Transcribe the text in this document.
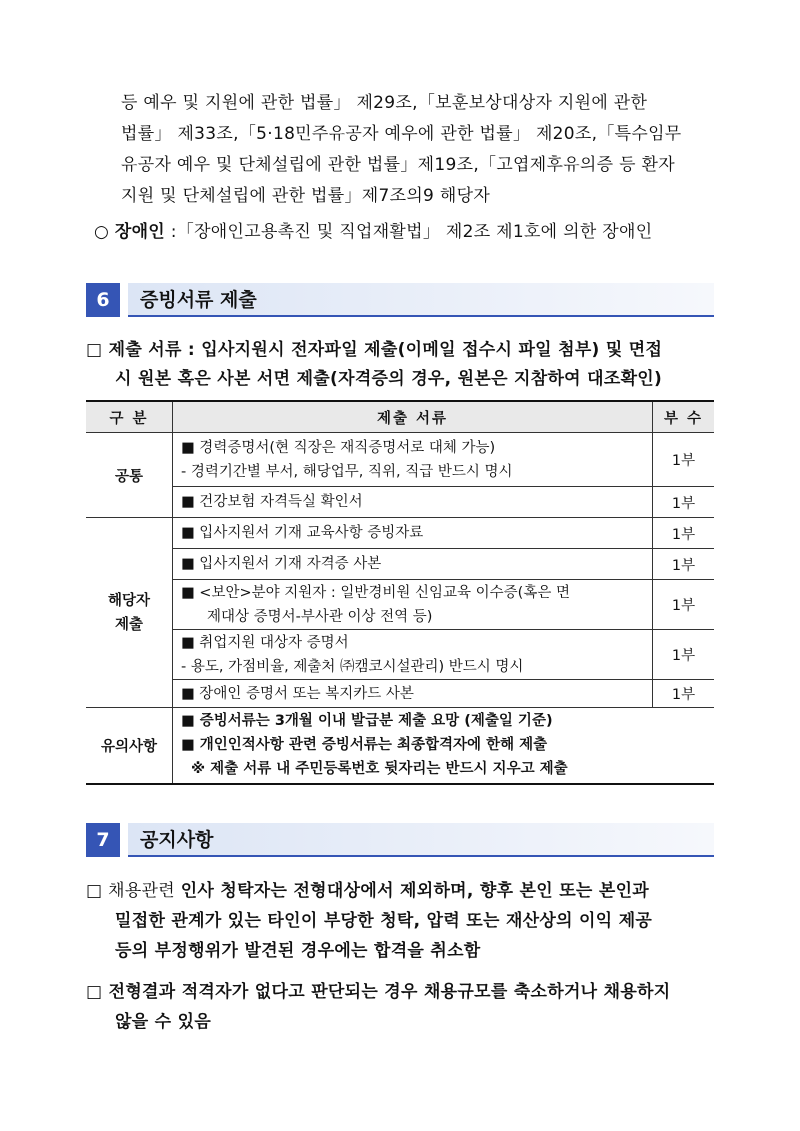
등 예우 및 지원에 관한 법률」 제29조,「보훈보상대상자 지원에 관한
법률」 제33조,「5·18민주유공자 예우에 관한 법률」 제20조,「특수임무
유공자 예우 및 단체설립에 관한 법률」제19조,「고엽제후유의증 등 환자
지원 및 단체설립에 관한 법률」제7조의9 해당자
○ 장애인 :「장애인고용촉진 및 직업재활법」 제2조 제1호에 의한 장애인
6	증빙서류 제출
□ 제출 서류 : 입사지원시 전자파일 제출(이메일 접수시 파일 첨부) 및 면접
시 원본 혹은 사본 서면 제출(자격증의 경우, 원본은 지참하여 대조확인)
구 분	제출 서류	부 수
공통	■ 경력증명서(현 직장은 재직증명서로 대체 가능)
- 경력기간별 부서, 해당업무, 직위, 직급 반드시 명시	1부

	■ 건강보험 자격득실 확인서	1부

해당자
제출	■ 입사지원서 기재 교육사항 증빙자료	1부

	■ 입사지원서 기재 자격증 사본	1부

	■ <보안>분야 지원자 : 일반경비원 신임교육 이수증(혹은 면
제대상 증명서-부사관 이상 전역 등)	1부

	■ 취업지원 대상자 증명서
- 용도, 가점비율, 제출처 ㈜캠코시설관리) 반드시 명시	1부

	■ 장애인 증명서 또는 복지카드 사본	1부
유의사항	■ 증빙서류는 3개월 이내 발급분 제출 요망 (제출일 기준)
■ 개인인적사항 관련 증빙서류는 최종합격자에 한해 제출
※ 제출 서류 내 주민등록번호 뒷자리는 반드시 지우고 제출	
7	공지사항
□ 채용관련 인사 청탁자는 전형대상에서 제외하며, 향후 본인 또는 본인과
밀접한 관계가 있는 타인이 부당한 청탁, 압력 또는 재산상의 이익 제공
등의 부정행위가 발견된 경우에는 합격을 취소함
□ 전형결과 적격자가 없다고 판단되는 경우 채용규모를 축소하거나 채용하지
않을 수 있음
